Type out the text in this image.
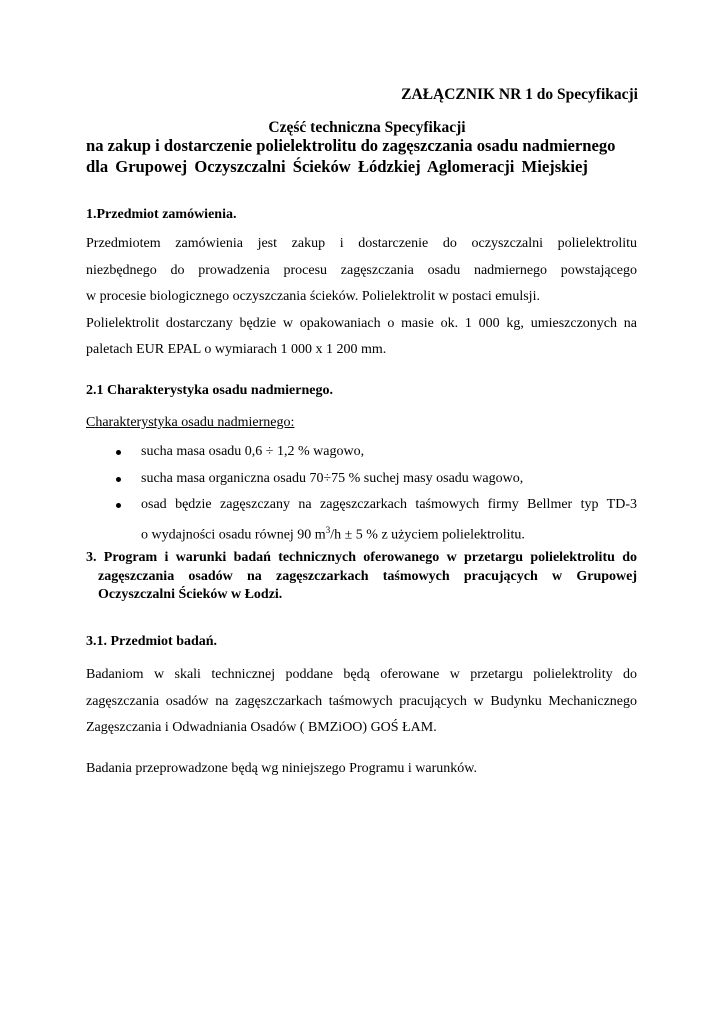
ZAŁĄCZNIK NR 1 do Specyfikacji
Część techniczna Specyfikacji
na zakup i dostarczenie polielektrolitu do zagęszczania osadu nadmiernego
dla Grupowej Oczyszczalni Ścieków Łódzkiej Aglomeracji Miejskiej
1.Przedmiot zamówienia.
Przedmiotem zamówienia jest zakup i dostarczenie do oczyszczalni polielektrolitu
niezbędnego do prowadzenia procesu zagęszczania osadu nadmiernego powstającego
w procesie biologicznego oczyszczania ścieków. Polielektrolit w postaci emulsji.
Polielektrolit dostarczany będzie w opakowaniach o masie ok. 1 000 kg, umieszczonych na
paletach EUR EPAL o wymiarach 1 000 x 1 200 mm.
2.1 Charakterystyka osadu nadmiernego.
Charakterystyka osadu nadmiernego:
sucha masa osadu 0,6 ÷ 1,2 % wagowo,
sucha masa organiczna osadu 70÷75 % suchej masy osadu wagowo,
osad będzie zagęszczany na zagęszczarkach taśmowych firmy Bellmer typ TD-3
o wydajności osadu równej 90 $m^3/h \pm 5$ % z użyciem polielektrolitu.
3. Program i warunki badań technicznych oferowanego w przetargu polielektrolitu do
zagęszczania osadów na zagęszczarkach taśmowych pracujących w Grupowej
Oczyszczalni Ścieków w Łodzi.
3.1. Przedmiot badań.
Badaniom w skali technicznej poddane będą oferowane w przetargu polielektrolity do
zagęszczania osadów na zagęszczarkach taśmowych pracujących w Budynku Mechanicznego
Zagęszczania i Odwadniania Osadów ( BMZiOO) GOŚ ŁAM.
Badania przeprowadzone będą wg niniejszego Programu i warunków.
